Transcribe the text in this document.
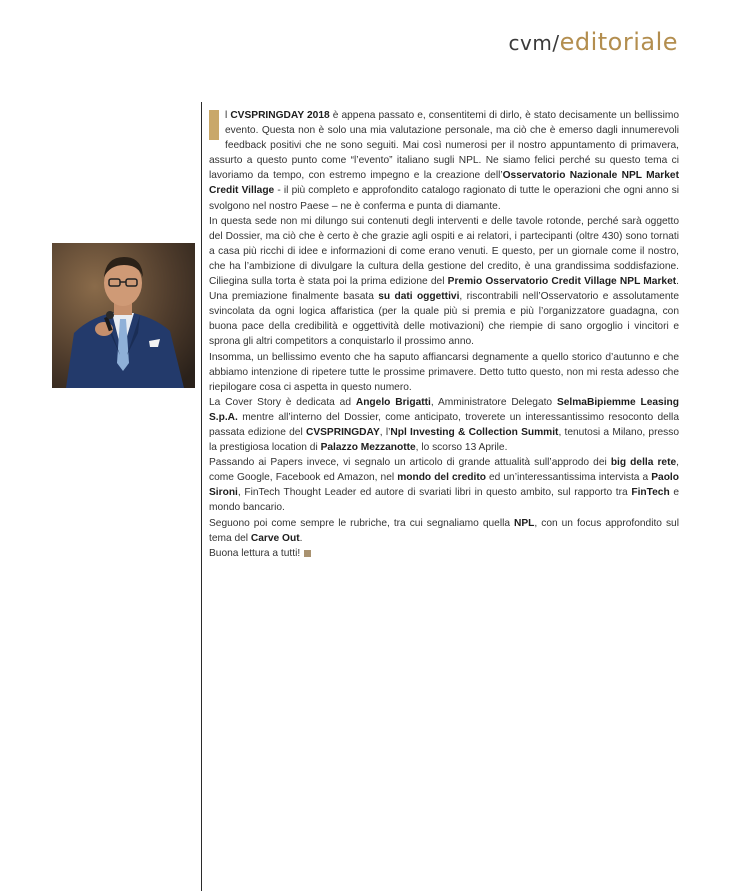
cvm/editoriale

l CVSPRINGDAY 2018 è appena passato e, consentitemi di dirlo, è stato decisamente un bellissimo evento. Questa non è solo una mia valutazione personale, ma ciò che è emerso dagli innumerevoli feedback positivi che ne sono seguiti. Mai così numerosi per il nostro appuntamento di primavera, assurto a questo punto come “l’evento” italiano sugli NPL. Ne siamo felici perché su questo tema ci lavoriamo da tempo, con estremo impegno e la creazione dell’Osservatorio Nazionale NPL Market Credit Village - il più completo e approfondito catalogo ragionato di tutte le operazioni che ogni anno si svolgono nel nostro Paese – ne è conferma e punta di diamante.

In questa sede non mi dilungo sui contenuti degli interventi e delle tavole rotonde, perché sarà oggetto del Dossier, ma ciò che è certo è che grazie agli ospiti e ai relatori, i partecipanti (oltre 430) sono tornati a casa più ricchi di idee e informazioni di come erano venuti. E questo, per un giornale come il nostro, che ha l’ambizione di divulgare la cultura della gestione del credito, è una grandissima soddisfazione. Ciliegina sulla torta è stata poi la prima edizione del Premio Osservatorio Credit Village NPL Market. Una premiazione finalmente basata su dati oggettivi, riscontrabili nell’Osservatorio e assolutamente svincolata da ogni logica affaristica (per la quale più si premia e più l’organizzatore guadagna, con buona pace della credibilità e oggettività delle motivazioni) che riempie di sano orgoglio i vincitori e sprona gli altri competitors a conquistarlo il prossimo anno.

Insomma, un bellissimo evento che ha saputo affiancarsi degnamente a quello storico d’autunno e che abbiamo intenzione di ripetere tutte le prossime primavere. Detto tutto questo, non mi resta adesso che riepilogare cosa ci aspetta in questo numero.

La Cover Story è dedicata ad Angelo Brigatti, Amministratore Delegato SelmaBipiemme Leasing S.p.A. mentre all’interno del Dossier, come anticipato, troverete un interessantissimo resoconto della passata edizione del CVSPRINGDAY, l’Npl Investing & Collection Summit, tenutosi a Milano, presso la prestigiosa location di Palazzo Mezzanotte, lo scorso 13 Aprile.

Passando ai Papers invece, vi segnalo un articolo di grande attualità sull’approdo dei big della rete, come Google, Facebook ed Amazon, nel mondo del credito ed un’interessantissima intervista a Paolo Sironi, FinTech Thought Leader ed autore di svariati libri in questo ambito, sul rapporto tra FinTech e mondo bancario.

Seguono poi come sempre le rubriche, tra cui segnaliamo quella NPL, con un focus approfondito sul tema del Carve Out.

Buona lettura a tutti!
